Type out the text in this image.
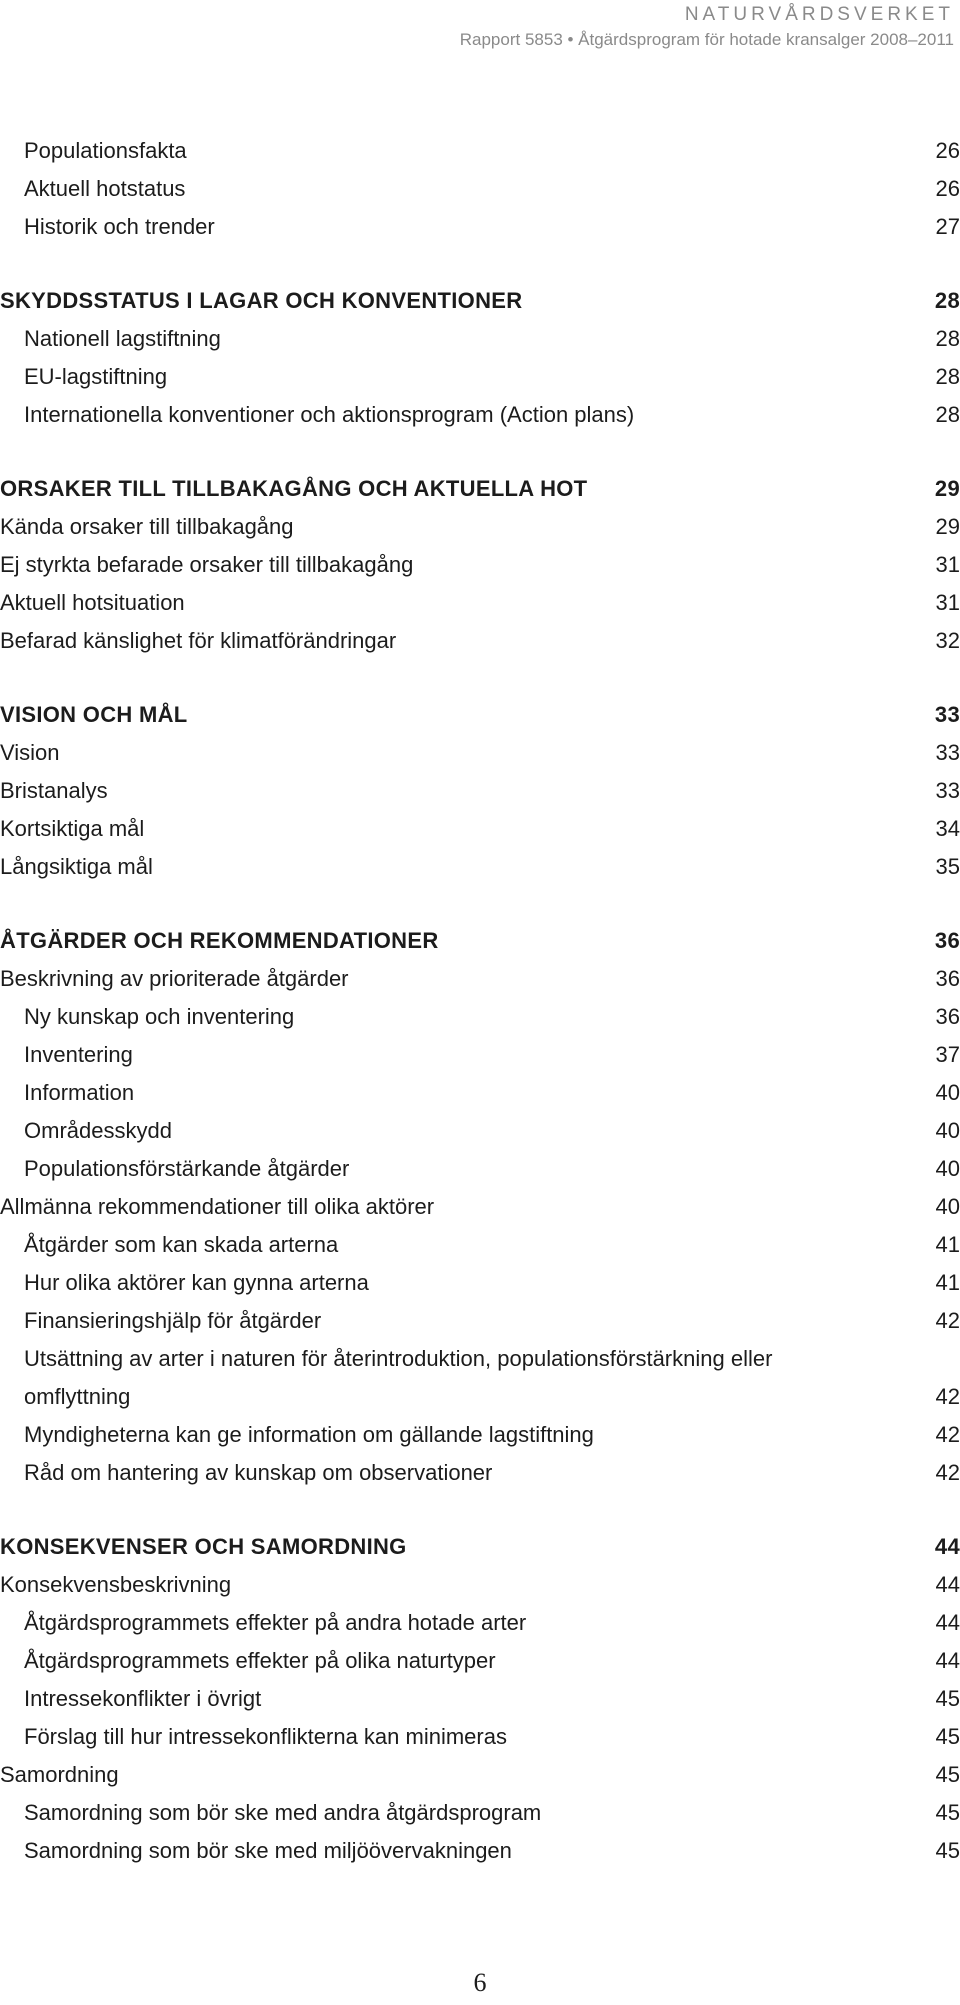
NATURVÅRDSVERKET
Rapport 5853 • Åtgärdsprogram för hotade kransalger 2008–2011
Populationsfakta	26
Aktuell hotstatus	26
Historik och trender	27
SKYDDSSTATUS I LAGAR OCH KONVENTIONER	28
Nationell lagstiftning	28
EU-lagstiftning	28
Internationella konventioner och aktionsprogram (Action plans)	28
ORSAKER TILL TILLBAKAGÅNG OCH AKTUELLA HOT	29
Kända orsaker till tillbakagång	29
Ej styrkta befarade orsaker till tillbakagång	31
Aktuell hotsituation	31
Befarad känslighet för klimatförändringar	32
VISION OCH MÅL	33
Vision	33
Bristanalys	33
Kortsiktiga mål	34
Långsiktiga mål	35
ÅTGÄRDER OCH REKOMMENDATIONER	36
Beskrivning av prioriterade åtgärder	36
Ny kunskap och inventering	36
Inventering	37
Information	40
Områdesskydd	40
Populationsförstärkande åtgärder	40
Allmänna rekommendationer till olika aktörer	40
Åtgärder som kan skada arterna	41
Hur olika aktörer kan gynna arterna	41
Finansieringshjälp för åtgärder	42
Utsättning av arter i naturen för återintroduktion, populationsförstärkning eller omflyttning	42
Myndigheterna kan ge information om gällande lagstiftning	42
Råd om hantering av kunskap om observationer	42
KONSEKVENSER OCH SAMORDNING	44
Konsekvensbeskrivning	44
Åtgärdsprogrammets effekter på andra hotade arter	44
Åtgärdsprogrammets effekter på olika naturtyper	44
Intressekonflikter i övrigt	45
Förslag till hur intressekonflikterna kan minimeras	45
Samordning	45
Samordning som bör ske med andra åtgärdsprogram	45
Samordning som bör ske med miljöövervakningen	45
6
